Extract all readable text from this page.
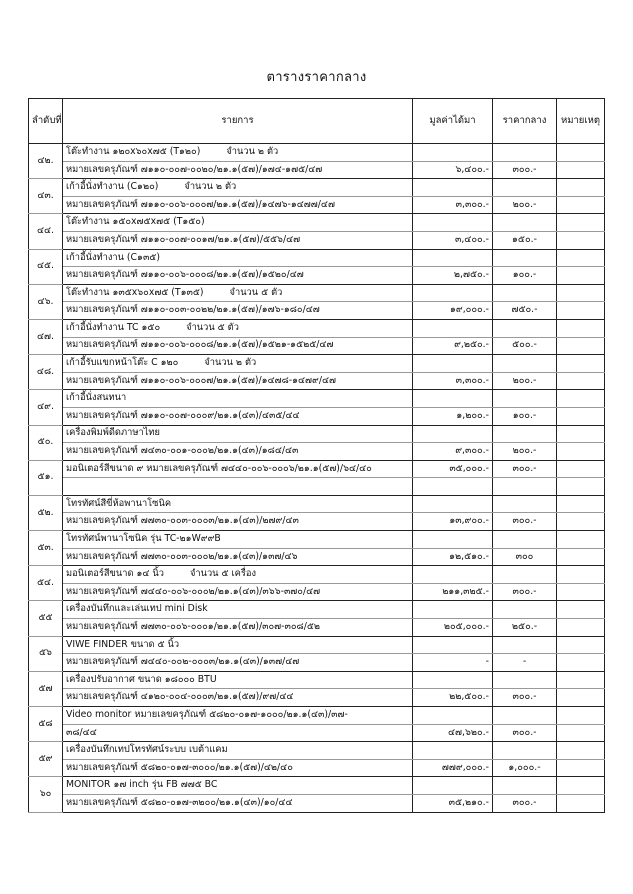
ตารางราคากลาง
ลำดับที่	รายการ	มูลค่าได้มา	ราคากลาง	หมายเหตุ
๔๒.	โต๊ะทำงาน ๑๒๐x๖๐x๗๕ (T๑๒๐) จำนวน ๒ ตัว			
	หมายเลขครุภัณฑ์ ๗๑๑๐-๐๐๗-๐๐๒๐/๒๑.๑(๕๗)/๑๗๔-๑๗๕/๔๗	๖,๔๐๐.-	๓๐๐.-	
๔๓.	เก้าอี้นั่งทำงาน (C๑๒๐) จำนวน ๒ ตัว			
	หมายเลขครุภัณฑ์ ๗๑๑๐-๐๐๖-๐๐๐๗/๒๑.๑(๕๗)/๑๔๗๖-๑๔๗๗/๔๗	๓,๓๐๐.-	๒๐๐.-	
๔๔.	โต๊ะทำงาน ๑๕๐x๗๕x๗๕ (T๑๕๐)			
	หมายเลขครุภัณฑ์ ๗๑๑๐-๐๐๗-๐๐๑๗/๒๑.๑(๕๗)/๕๕๖/๔๗	๓,๔๐๐.-	๑๕๐.-	
๔๕.	เก้าอี้นั่งทำงาน (C๑๓๕)			
	หมายเลขครุภัณฑ์ ๗๑๑๐-๐๐๖-๐๐๐๘/๒๑.๑(๕๗)/๑๕๒๐/๔๗	๒,๗๕๐.-	๑๐๐.-	
๔๖.	โต๊ะทำงาน ๑๓๕x๖๐x๗๕ (T๑๓๕) จำนวน ๕ ตัว			
	หมายเลขครุภัณฑ์ ๗๑๑๐-๐๐๓-๐๐๒๒/๒๑.๑(๕๗)/๑๗๖-๑๘๐/๔๗	๑๙,๐๐๐.-	๗๕๐.-	
๔๗.	เก้าอี้นั่งทำงาน TC ๑๕๐ จำนวน ๕ ตัว			
	หมายเลขครุภัณฑ์ ๗๑๑๐-๐๐๖-๐๐๐๘/๒๑.๑(๕๗)/๑๕๒๑-๑๕๒๕/๔๗	๙,๒๕๐.-	๕๐๐.-	
๔๘.	เก้าอี้รับแขกหน้าโต๊ะ C ๑๒๐ จำนวน ๒ ตัว			
	หมายเลขครุภัณฑ์ ๗๑๑๐-๐๐๖-๐๐๐๗/๒๑.๑(๕๗)/๑๔๗๘-๑๔๗๙/๔๗	๓,๓๐๐.-	๒๐๐.-	
๔๙.	เก้าอี้นั่งสนทนา			
	หมายเลขครุภัณฑ์ ๗๑๑๐-๐๐๗-๐๐๐๙/๒๑.๑(๔๓)/๔๓๕/๔๔	๑,๒๐๐.-	๑๐๐.-	
๕๐.	เครื่องพิมพ์ดีดภาษาไทย			
	หมายเลขครุภัณฑ์ ๗๔๓๐-๐๐๑-๐๐๐๒/๒๑.๑(๔๓)/๑๘๔/๔๓	๙,๓๐๐.-	๒๐๐.-	
๕๑.	มอนิเตอร์สีขนาด ๙ หมายเลขครุภัณฑ์ ๗๔๔๐-๐๐๖-๐๐๐๖/๒๑.๑(๕๗)/๖๔/๔๐	๓๕,๐๐๐.-	๓๐๐.-	

๕๒.	โทรทัศน์สีขี่ห้อพานาโซนิค			
	หมายเลขครุภัณฑ์ ๗๗๓๐-๐๐๓-๐๐๐๓/๒๑.๑(๔๓)/๒๗๙/๔๓	๑๓,๙๐๐.-	๓๐๐.-	
๕๓.	โทรทัศน์พานาโซนิค รุ่น TC-๒๑W๙๙B			
	หมายเลขครุภัณฑ์ ๗๗๓๐-๐๐๓-๐๐๐๒/๒๑.๑(๔๓)/๑๓๗/๔๖	๑๒,๕๑๐.-	๓๐๐	
๕๔.	มอนิเตอร์สีขนาด ๑๔ นิ้ว จำนวน ๕ เครื่อง			
	หมายเลขครุภัณฑ์ ๗๔๔๐-๐๐๖-๐๐๐๒/๒๑.๑(๔๓)/๓๖๖-๓๗๐/๔๗	๒๑๑,๓๒๕.-	๓๐๐.-	
๕๕	เครื่องบันทึกและเล่นเทป mini Disk			
	หมายเลขครุภัณฑ์ ๗๗๓๐-๐๐๖-๐๐๐๑/๒๑.๑(๕๗)/๓๐๗-๓๐๘/๕๒	๒๐๕,๐๐๐.-	๒๕๐.-	
๕๖	VIWE FINDER ขนาด ๕ นิ้ว			
	หมายเลขครุภัณฑ์ ๗๔๔๐-๐๐๒-๐๐๐๓/๒๑.๑(๔๓)/๑๓๗/๔๗	-	-	
๕๗	เครื่องปรับอากาศ ขนาด ๑๘๐๐๐ BTU			
	หมายเลขครุภัณฑ์ ๔๑๒๐-๐๐๔-๐๐๐๓/๒๑.๑(๕๗)/๙๗/๔๔	๒๒,๕๐๐.-	๓๐๐.-	
๕๘	Video monitor หมายเลขครุภัณฑ์ ๕๘๒๐-๐๑๗-๑๐๐๐/๒๑.๑(๔๓)/๓๗-			
	๓๘/๔๔	๔๗,๖๒๐.-	๓๐๐.-	
๕๙	เครื่องบันทึกเทปโทรทัศน์ระบบ เบต้าแคม			
	หมายเลขครุภัณฑ์ ๕๘๒๐-๐๑๗-๓๐๐๐/๒๑.๑(๕๗)/๔๒/๔๐	๗๗๙,๐๐๐.-	๑,๐๐๐.-	
๖๐	MONITOR ๑๗ inch รุ่น FB ๗๗๕ BC			
	หมายเลขครุภัณฑ์ ๕๘๒๐-๐๑๗-๓๒๐๐/๒๑.๑(๔๓)/๑๐/๔๔	๓๕,๒๑๐.-	๓๐๐.-	
